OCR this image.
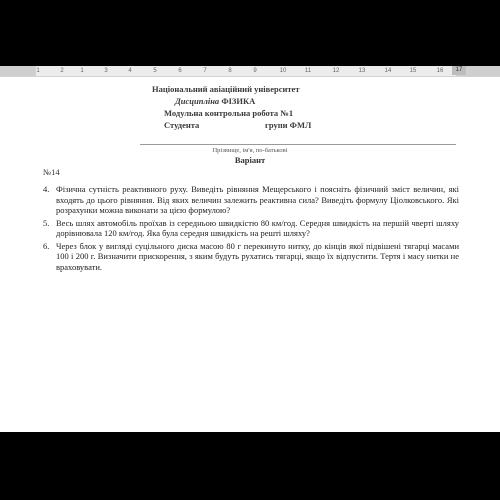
1	2	1	3	4	5	6	7	8	9	10	11	12	13	14	15	16	17
Національний авіаційний університет
Дисципліна ФІЗИКА
Модульна контрольна робота №1
Студента	групи ФМЛ
Прізвище, ім'я, по-батькові
Варіант
№14
4. Фізична сутність реактивного руху. Виведіть рівняння Мещерського і поясніть фізичний зміст величин, які входять до цього рівняння. Від яких величин залежить реактивна сила? Виведіть формулу Ціолковського. Які розрахунки можна виконати за цією формулою?
5. Весь шлях автомобіль проїхав із середньою швидкістю 80 км/год. Середня швидкість на першій чверті шляху дорівнювала 120 км/год. Яка була середня швидкість на решті шляху?
6. Через блок у вигляді суцільного диска масою 80 г перекинуто нитку, до кінців якої підвішені тягарці масами 100 і 200 г. Визначити прискорення, з яким будуть рухатись тягарці, якщо їх відпустити. Тертя і масу нитки не враховувати.
